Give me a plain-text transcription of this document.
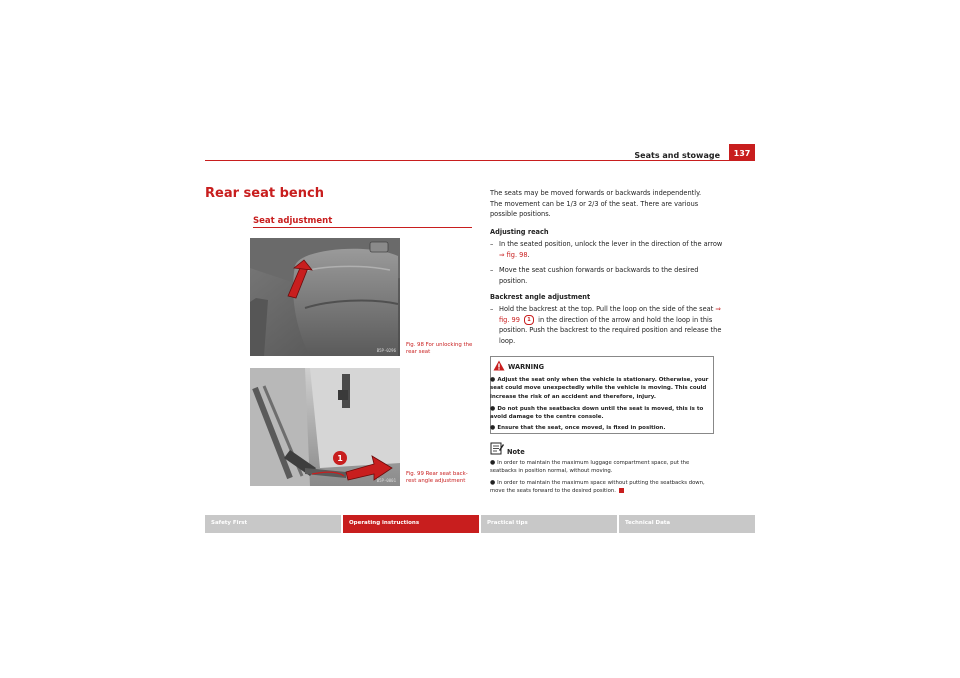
Seats and stowage	137
Rear seat bench
Seat adjustment
B5P-0296
Fig. 98 For unlocking the rear seat
1
B5P-0001
Fig. 99 Rear seat back-rest angle adjustment
The seats may be moved forwards or backwards independently. The movement can be 1/3 or 2/3 of the seat. There are various possible positions.
Adjusting reach
– In the seated position, unlock the lever in the direction of the arrow ⇒ fig. 98.
– Move the seat cushion forwards or backwards to the desired position.
Backrest angle adjustment
– Hold the backrest at the top. Pull the loop on the side of the seat ⇒ fig. 99 1 in the direction of the arrow and hold the loop in this position. Push the backrest to the required position and release the loop.
WARNING
● Adjust the seat only when the vehicle is stationary. Otherwise, your seat could move unexpectedly while the vehicle is moving. This could increase the risk of an accident and therefore, injury.
● Do not push the seatbacks down until the seat is moved, this is to avoid damage to the centre console.
● Ensure that the seat, once moved, is fixed in position.
Note
● In order to maintain the maximum luggage compartment space, put the seatbacks in position normal, without moving.
● In order to maintain the maximum space without putting the seatbacks down, move the seats forward to the desired position.
Safety First	Operating instructions	Practical tips	Technical Data
